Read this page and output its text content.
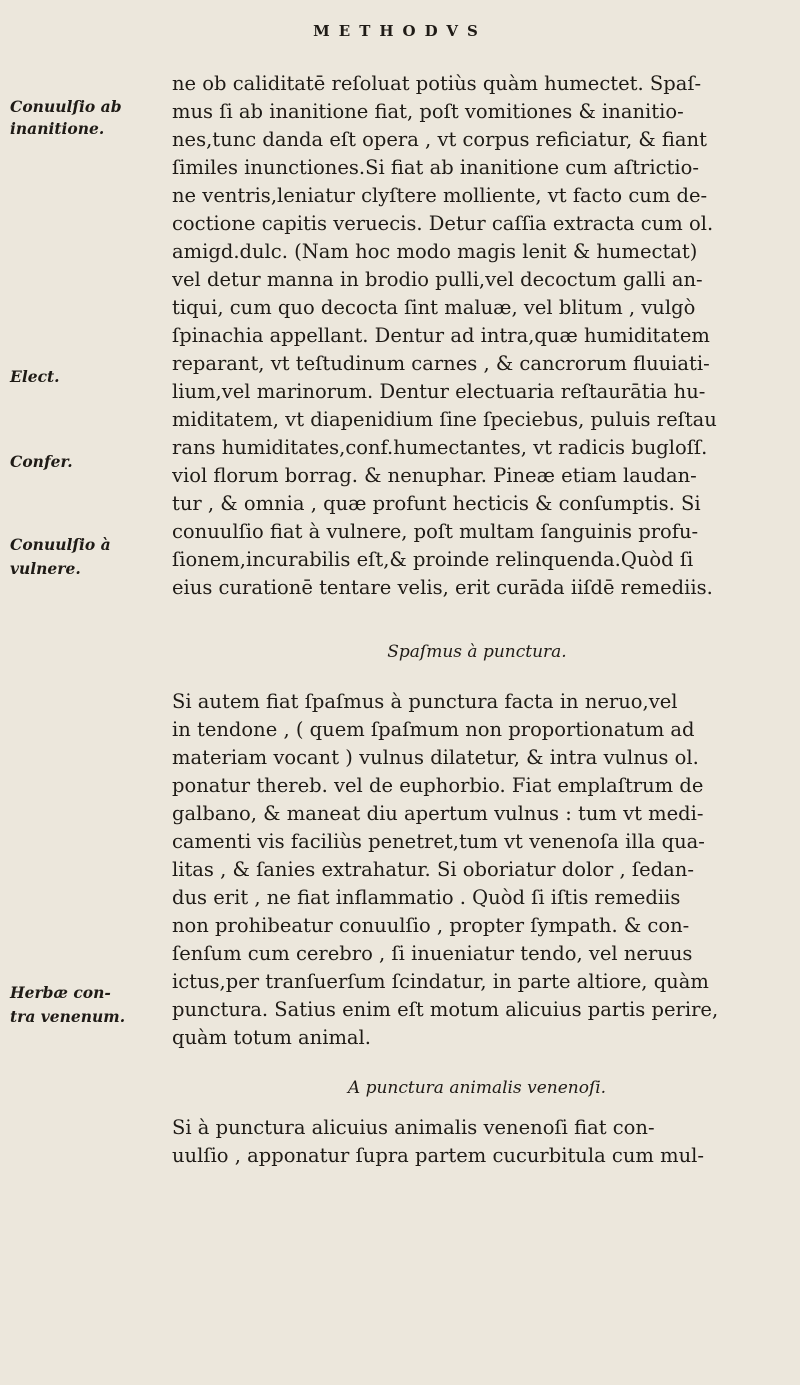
METHODVS
Conuulſio ab
inanitione.
Elect.
Confer.
Conuulſio à
vulnere.
Herbæ con-
tra venenum.
ne ob caliditatē reſoluat potiùs quàm humectet. Spaſ-
mus ſi ab inanitione fiat, poſt vomitiones & inanitio-
nes,tunc danda eſt opera , vt corpus reficiatur, & fiant
ſimiles inunctiones.Si fiat ab inanitione cum aſtrictio-
ne ventris,leniatur clyſtere molliente, vt facto cum de-
coctione capitis veruecis. Detur caſſia extracta cum ol.
amigd.dulc. (Nam hoc modo magis lenit & humectat)
vel detur manna in brodio pulli,vel decoctum galli an-
tiqui, cum quo decocta ſint maluæ, vel blitum , vulgò
ſpinachia appellant. Dentur ad intra,quæ humiditatem
reparant, vt teſtudinum carnes , & cancrorum fluuiati-
lium,vel marinorum. Dentur electuaria reſtaurātia hu-
miditatem, vt diapenidium ſine ſpeciebus, puluis reſtau
rans humiditates,conf.humectantes, vt radicis bugloſſ.
viol florum borrag. & nenuphar. Pineæ etiam laudan-
tur , & omnia , quæ profunt hecticis & conſumptis. Si
conuulſio fiat à vulnere, poſt multam ſanguinis profu-
ſionem,incurabilis eſt,& proinde relinquenda.Quòd ſi
eius curationē tentare velis, erit curāda iiſdē remediis.
Spaſmus à punctura.
Si autem fiat ſpaſmus à punctura facta in neruo,vel
in tendone , ( quem ſpaſmum non proportionatum ad
materiam vocant ) vulnus dilatetur, & intra vulnus ol.
ponatur thereb. vel de euphorbio. Fiat emplaſtrum de
galbano, & maneat diu apertum vulnus : tum vt medi-
camenti vis faciliùs penetret,tum vt venenoſa illa qua-
litas , & ſanies extrahatur. Si oboriatur dolor , ſedan-
dus erit , ne fiat inflammatio . Quòd ſi iſtis remediis
non prohibeatur conuulſio , propter ſympath. & con-
ſenſum cum cerebro , ſi inueniatur tendo, vel neruus
ictus,per tranſuerſum ſcindatur, in parte altiore, quàm
punctura. Satius enim eſt motum alicuius partis perire,
quàm totum animal.
A punctura animalis venenoſi.
Si à punctura alicuius animalis venenoſi fiat con-
uulſio , apponatur ſupra partem cucurbitula cum mul-
